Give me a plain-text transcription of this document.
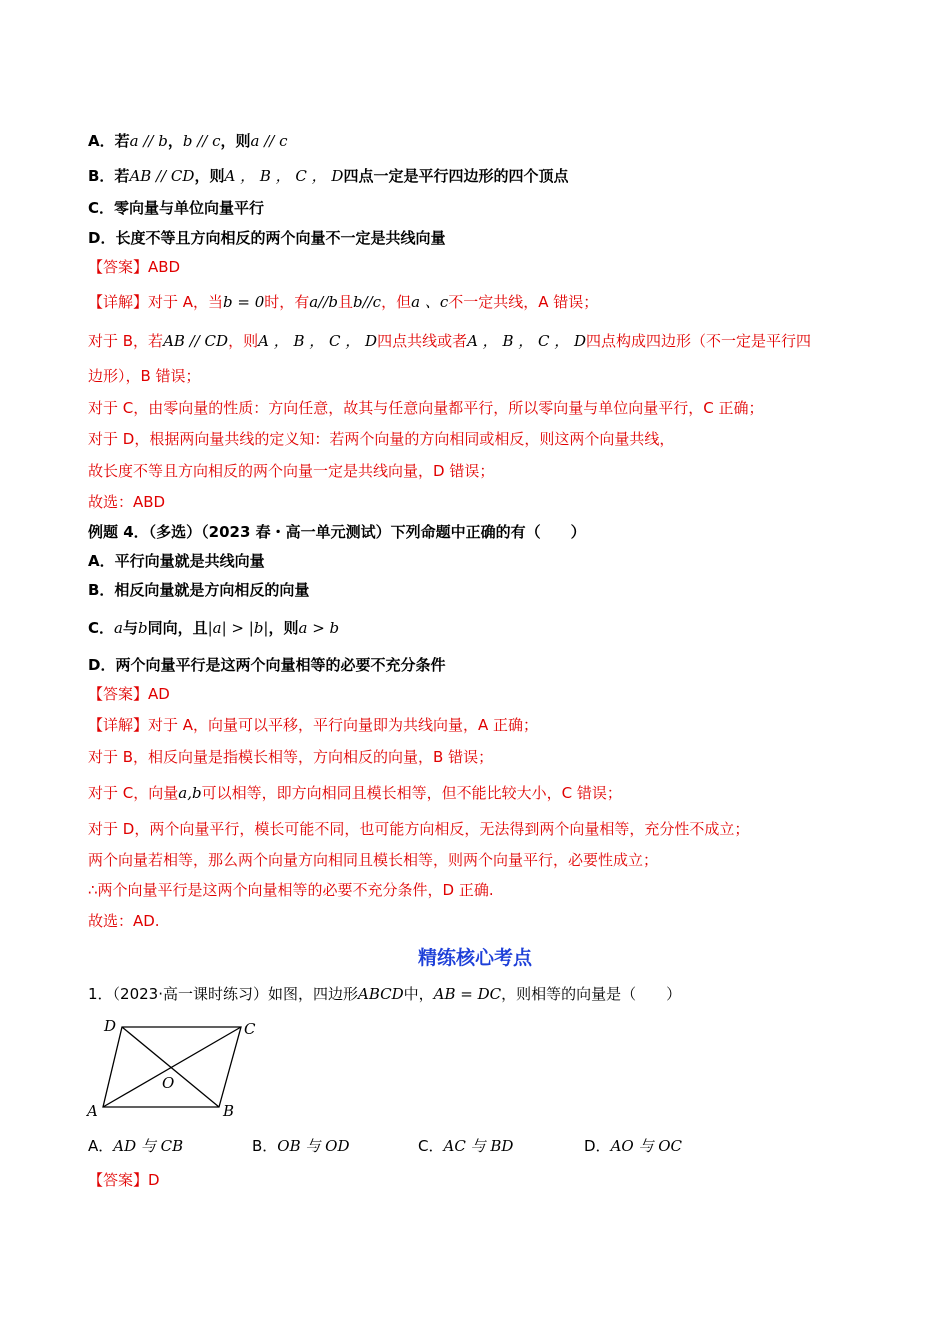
A．若a // b，b // c，则a // c
B．若AB // CD，则A ， B ， C ， D四点一定是平行四边形的四个顶点
C．零向量与单位向量平行
D．长度不等且方向相反的两个向量不一定是共线向量
【答案】ABD
【详解】对于 A，当b = 0时，有a//b且b//c，但a 、c不一定共线，A 错误；
对于 B，若AB // CD，则A ， B ， C ， D四点共线或者A ， B ， C ， D四点构成四边形（不一定是平行四
边形），B 错误；
对于 C，由零向量的性质：方向任意，故其与任意向量都平行，所以零向量与单位向量平行，C 正确；
对于 D，根据两向量共线的定义知：若两个向量的方向相同或相反，则这两个向量共线，
故长度不等且方向相反的两个向量一定是共线向量，D 错误；
故选：ABD
例题 4．（多选）（2023 春・高一单元测试）下列命题中正确的有（　　）
A．平行向量就是共线向量
B．相反向量就是方向相反的向量
C．a与b同向，且|a| > |b|，则a > b
D．两个向量平行是这两个向量相等的必要不充分条件
【答案】AD
【详解】对于 A，向量可以平移，平行向量即为共线向量，A 正确；
对于 B，相反向量是指模长相等，方向相反的向量，B 错误；
对于 C，向量a,b可以相等，即方向相同且模长相等，但不能比较大小，C 错误；
对于 D，两个向量平行，模长可能不同，也可能方向相反，无法得到两个向量相等，充分性不成立；
两个向量若相等，那么两个向量方向相同且模长相等，则两个向量平行，必要性成立；
∴两个向量平行是这两个向量相等的必要不充分条件，D 正确.
故选：AD.
精练核心考点
1．（2023·高一课时练习）如图，四边形ABCD中，AB = DC，则相等的向量是（　　）
A	B
C
D
O
A．AD 与 CB	B．OB 与 OD	C．AC 与 BD	D．AO 与 OC
【答案】D
